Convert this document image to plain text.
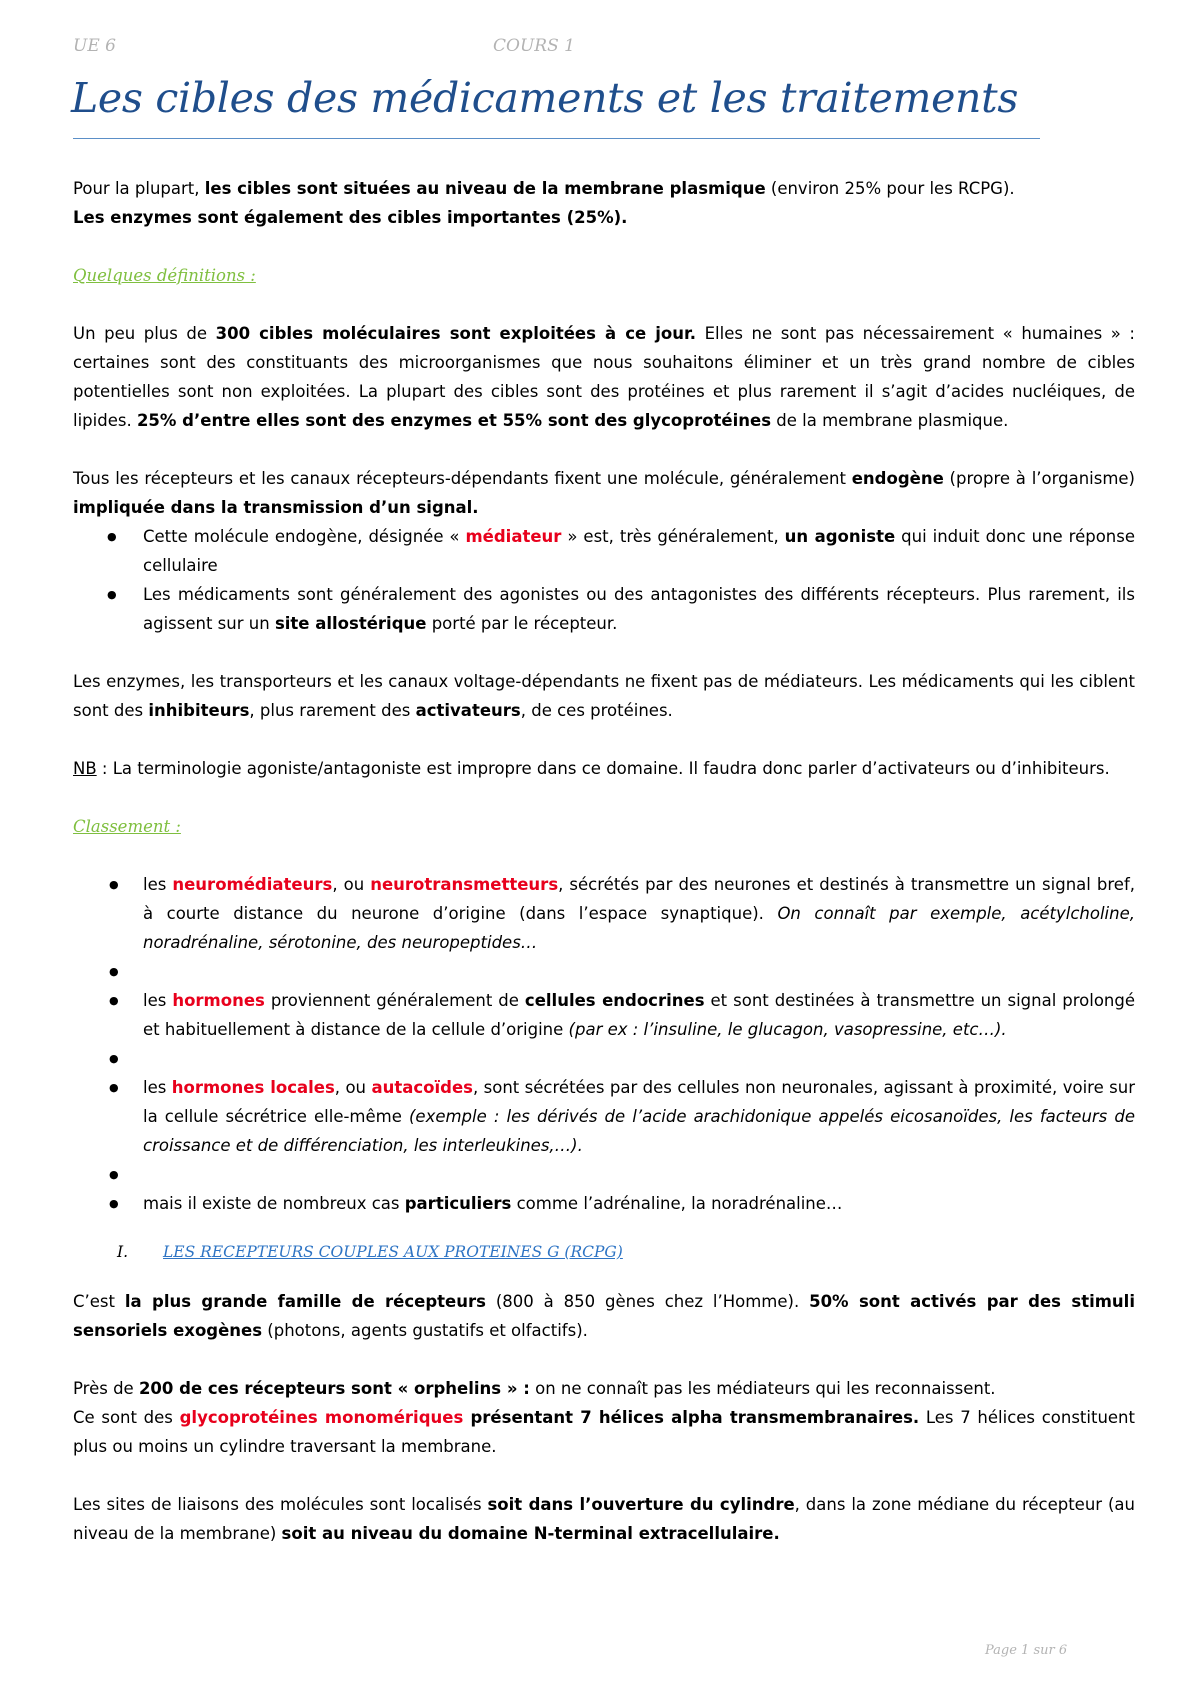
UE 6	COURS 1
Les cibles des médicaments et les traitements

Pour la plupart, les cibles sont situées au niveau de la membrane plasmique (environ 25% pour les RCPG).

Les enzymes sont également des cibles importantes (25%).

Quelques définitions :

Un peu plus de 300 cibles moléculaires sont exploitées à ce jour. Elles ne sont pas nécessairement « humaines » : certaines sont des constituants des microorganismes que nous souhaitons éliminer et un très grand nombre de cibles potentielles sont non exploitées. La plupart des cibles sont des protéines et plus rarement il s’agit d’acides nucléiques, de lipides. 25% d’entre elles sont des enzymes et 55% sont des glycoprotéines de la membrane plasmique.

Tous les récepteurs et les canaux récepteurs-dépendants fixent une molécule, généralement endogène (propre à l’organisme) impliquée dans la transmission d’un signal.

● Cette molécule endogène, désignée « médiateur » est, très généralement, un agoniste qui induit donc une réponse cellulaire
● Les médicaments sont généralement des agonistes ou des antagonistes des différents récepteurs. Plus rarement, ils agissent sur un site allostérique porté par le récepteur.

Les enzymes, les transporteurs et les canaux voltage-dépendants ne fixent pas de médiateurs. Les médicaments qui les ciblent sont des inhibiteurs, plus rarement des activateurs, de ces protéines.

NB : La terminologie agoniste/antagoniste est impropre dans ce domaine. Il faudra donc parler d’activateurs ou d’inhibiteurs.

Classement :

● les neuromédiateurs, ou neurotransmetteurs, sécrétés par des neurones et destinés à transmettre un signal bref, à courte distance du neurone d’origine (dans l’espace synaptique). On connaît par exemple, acétylcholine, noradrénaline, sérotonine, des neuropeptides…
●
● les hormones proviennent généralement de cellules endocrines et sont destinées à transmettre un signal prolongé et habituellement à distance de la cellule d’origine (par ex : l’insuline, le glucagon, vasopressine, etc…).
●
● les hormones locales, ou autacoïdes, sont sécrétées par des cellules non neuronales, agissant à proximité, voire sur la cellule sécrétrice elle-même (exemple : les dérivés de l’acide arachidonique appelés eicosanoïdes, les facteurs de croissance et de différenciation, les interleukines,…).
●
● mais il existe de nombreux cas particuliers comme l’adrénaline, la noradrénaline…

I. LES RECEPTEURS COUPLES AUX PROTEINES G (RCPG)

C’est la plus grande famille de récepteurs (800 à 850 gènes chez l’Homme). 50% sont activés par des stimuli sensoriels exogènes (photons, agents gustatifs et olfactifs).

Près de 200 de ces récepteurs sont « orphelins » : on ne connaît pas les médiateurs qui les reconnaissent.

Ce sont des glycoprotéines monomériques présentant 7 hélices alpha transmembranaires. Les 7 hélices constituent plus ou moins un cylindre traversant la membrane.

Les sites de liaisons des molécules sont localisés soit dans l’ouverture du cylindre, dans la zone médiane du récepteur (au niveau de la membrane) soit au niveau du domaine N-terminal extracellulaire.

Page 1 sur 6
